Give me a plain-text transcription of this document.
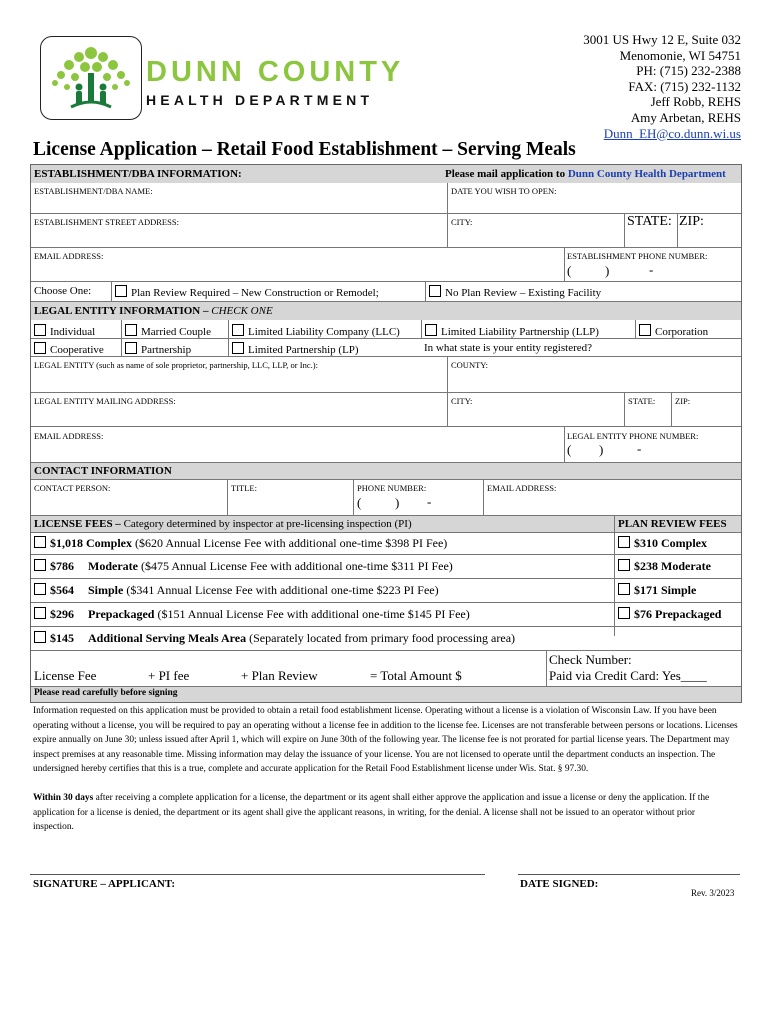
DUNN COUNTY
HEALTH DEPARTMENT
3001 US Hwy 12 E, Suite 032
Menomonie, WI 54751
PH: (715) 232-2388
FAX: (715) 232-1132
Jeff Robb, REHS
Amy Arbetan, REHS
Dunn_EH@co.dunn.wi.us
License Application – Retail Food Establishment – Serving Meals
ESTABLISHMENT/DBA INFORMATION:	Please mail application to Dunn County Health Department
ESTABLISHMENT/DBA NAME:	DATE YOU WISH TO OPEN:
ESTABLISHMENT STREET ADDRESS:	CITY:	STATE: ZIP:
EMAIL ADDRESS:	ESTABLISHMENT PHONE NUMBER:
(	)	-
Choose One:	Plan Review Required – New Construction or Remodel;	No Plan Review – Existing Facility
LEGAL ENTITY INFORMATION – CHECK ONE
Individual	Married Couple	Limited Liability Company (LLC)	Limited Liability Partnership (LLP)	Corporation
Cooperative	Partnership	Limited Partnership (LP)	In what state is your entity registered?
LEGAL ENTITY (such as name of sole proprietor, partnership, LLC, LLP, or Inc.):	COUNTY:
LEGAL ENTITY MAILING ADDRESS:	CITY:	STATE: ZIP:
EMAIL ADDRESS:	LEGAL ENTITY PHONE NUMBER:
( )	-
CONTACT INFORMATION
CONTACT PERSON:	TITLE:	PHONE NUMBER:
(	) -
EMAIL ADDRESS:
LICENSE FEES – Category determined by inspector at pre-licensing inspection (PI)	PLAN REVIEW FEES
$1,018 Complex ($620 Annual License Fee with additional one-time $398 PI Fee)	$310 Complex
$786 Moderate ($475 Annual License Fee with additional one-time $311 PI Fee)	$238 Moderate
$564 Simple ($341 Annual License Fee with additional one-time $223 PI Fee)	$171 Simple
$296 Prepackaged ($151 Annual License Fee with additional one-time $145 PI Fee)	$76 Prepackaged
$145 Additional Serving Meals Area (Separately located from primary food processing area)
License Fee	+ PI fee	+ Plan Review	= Total Amount $
Check Number:
Paid via Credit Card: Yes____
Please read carefully before signing
Information requested on this application must be provided to obtain a retail food establishment license. Operating without a license is a violation of Wisconsin Law. If you have been operating without a license, you will be required to pay an operating without a license fee in addition to the license fee. Licenses are not transferable between persons or locations. Licenses expire annually on June 30; unless issued after April 1, which will expire on June 30th of the following year. The license fee is not prorated for partial license years. The Department may inspect premises at any reasonable time. Missing information may delay the issuance of your license. You are not licensed to operate until the department conducts an inspection. The undersigned hereby certifies that this is a true, complete and accurate application for the Retail Food Establishment license under Wis. Stat. § 97.30.
Within 30 days after receiving a complete application for a license, the department or its agent shall either approve the application and issue a license or deny the application. If the application for a license is denied, the department or its agent shall give the applicant reasons, in writing, for the denial. A license shall not be issued to an operator without prior inspection.
SIGNATURE – APPLICANT:	DATE SIGNED:
Rev. 3/2023
